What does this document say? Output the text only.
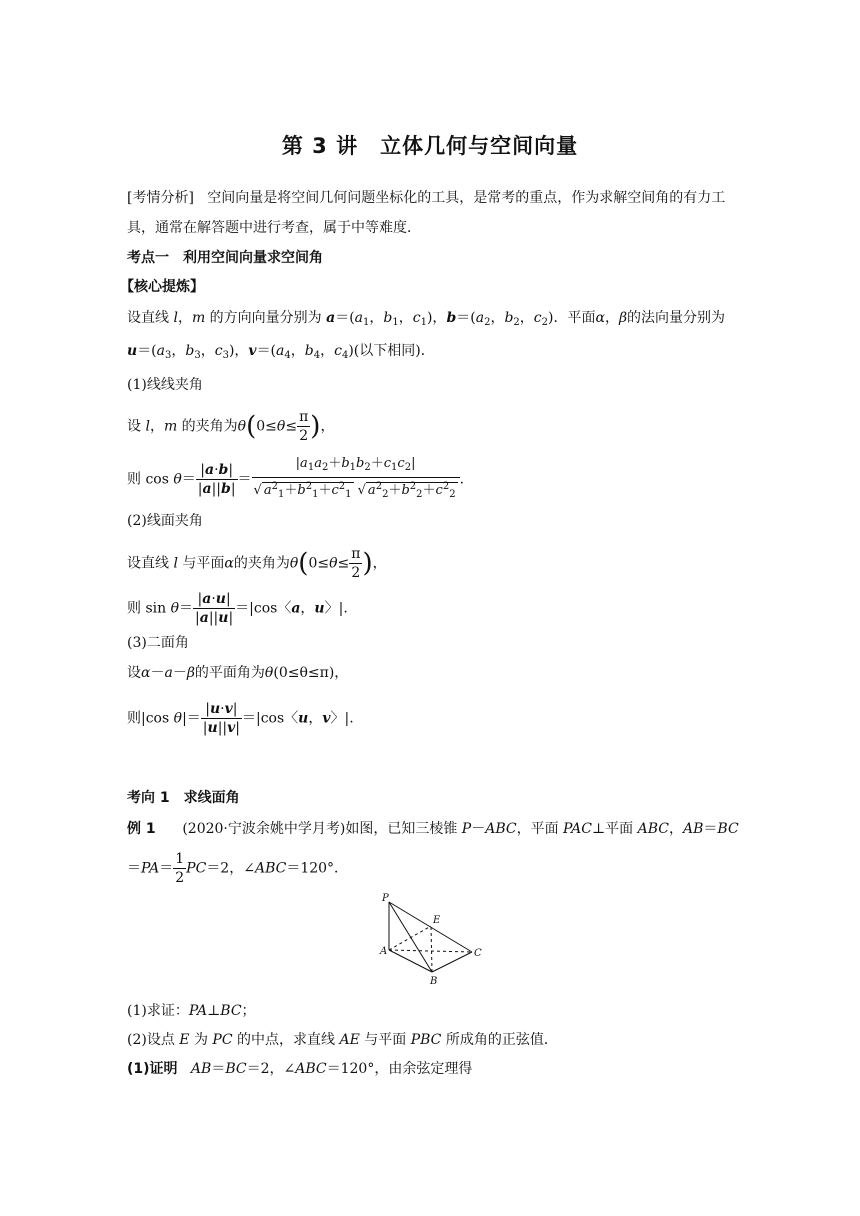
第 3 讲　立体几何与空间向量
[考情分析] 空间向量是将空间几何问题坐标化的工具，是常考的重点，作为求解空间角的有力工具，通常在解答题中进行考查，属于中等难度．
考点一　利用空间向量求空间角
【核心提炼】
设直线 l，m 的方向向量分别为 $a=(a_1$，$b_1$，$c_1$)，$b=(a_2$，$b_2$，$c_2$)．平面α，β的法向量分别为
$u=(a_3$，$b_3$，$c_3$)，$v=(a_4$，$b_4$，$c_4$)(以下相同)．
(1)线线夹角
设 l，m 的夹角为$\theta(0\le\theta\le \frac{\pi}{2}$ )，
则 $\cos \theta= \frac{|a\cdot b|}{|a||b|} = \frac{|a_1a_2+b_1b_2+c_1c_2|}{√ a^2_1+b^2_1+c^2_1 √ a^2_2+b^2_2+c^2_2}$ .
(2)线面夹角
设直线 l 与平面α的夹角为$\theta(0\le\theta\le \frac{\pi}{2}$ )，
则 $\sin \theta= \frac{|a\cdot u|}{|a||u|} =|\cos$〈a，u〉|.
(3)二面角
设α－a－β的平面角为θ(0≤θ≤π)，
则|cos $\theta|= \frac{|u\cdot v|}{|u||v|} =|\cos$〈u，v〉|.
考向 1　求线面角
例 1 (2020·宁波余姚中学月考)如图，已知三棱锥 P－ABC，平面 PAC⊥平面 ABC，AB＝BC
$=PA= \frac{1}{2} PC=2$，∠ABC＝120°．
P
E
A	C
B
(1)求证：PA⊥BC；
(2)设点 E 为 PC 的中点，求直线 AE 与平面 PBC 所成角的正弦值．
(1)证明 AB＝BC＝2，∠ABC＝120°，由余弦定理得
